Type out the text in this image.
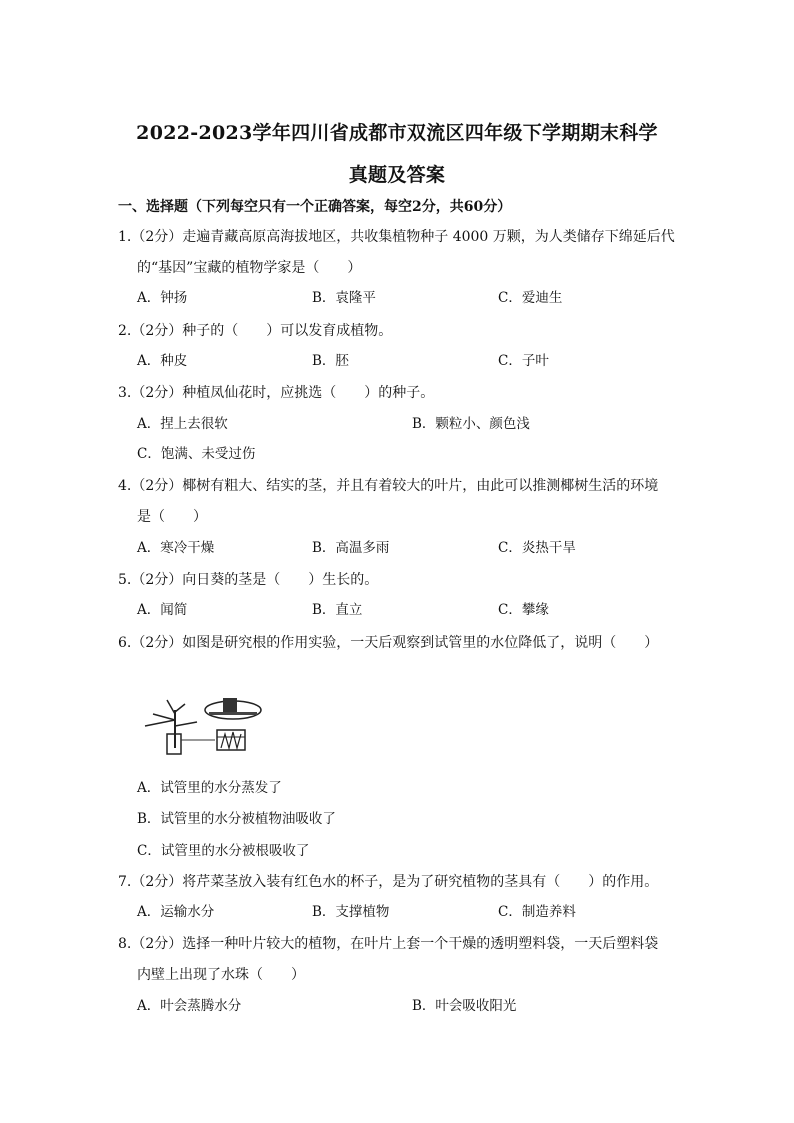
2022-2023学年四川省成都市双流区四年级下学期期末科学
真题及答案
一、选择题（下列每空只有一个正确答案，每空2分，共60分）
1.（2分）走遍青藏高原高海拔地区，共收集植物种子 4000 万颗，为人类储存下绵延后代
的“基因”宝藏的植物学家是（　　）
A．钟扬	B．袁隆平	C．爱迪生
2.（2分）种子的（　　）可以发育成植物。
A．种皮	B．胚	C．子叶
3.（2分）种植凤仙花时，应挑选（　　）的种子。
A．捏上去很软	B．颗粒小、颜色浅
C．饱满、未受过伤
4.（2分）椰树有粗大、结实的茎，并且有着较大的叶片，由此可以推测椰树生活的环境
是（　　）
A．寒冷干燥	B．高温多雨	C．炎热干旱
5.（2分）向日葵的茎是（　　）生长的。
A．闻简	B．直立	C．攀缘
6.（2分）如图是研究根的作用实验，一天后观察到试管里的水位降低了，说明（　　）
A．试管里的水分蒸发了
B．试管里的水分被植物油吸收了
C．试管里的水分被根吸收了
7.（2分）将芹菜茎放入装有红色水的杯子，是为了研究植物的茎具有（　　）的作用。
A．运输水分	B．支撑植物	C．制造养料
8.（2分）选择一种叶片较大的植物，在叶片上套一个干燥的透明塑料袋，一天后塑料袋
内壁上出现了水珠（　　）
A．叶会蒸腾水分	B．叶会吸收阳光
